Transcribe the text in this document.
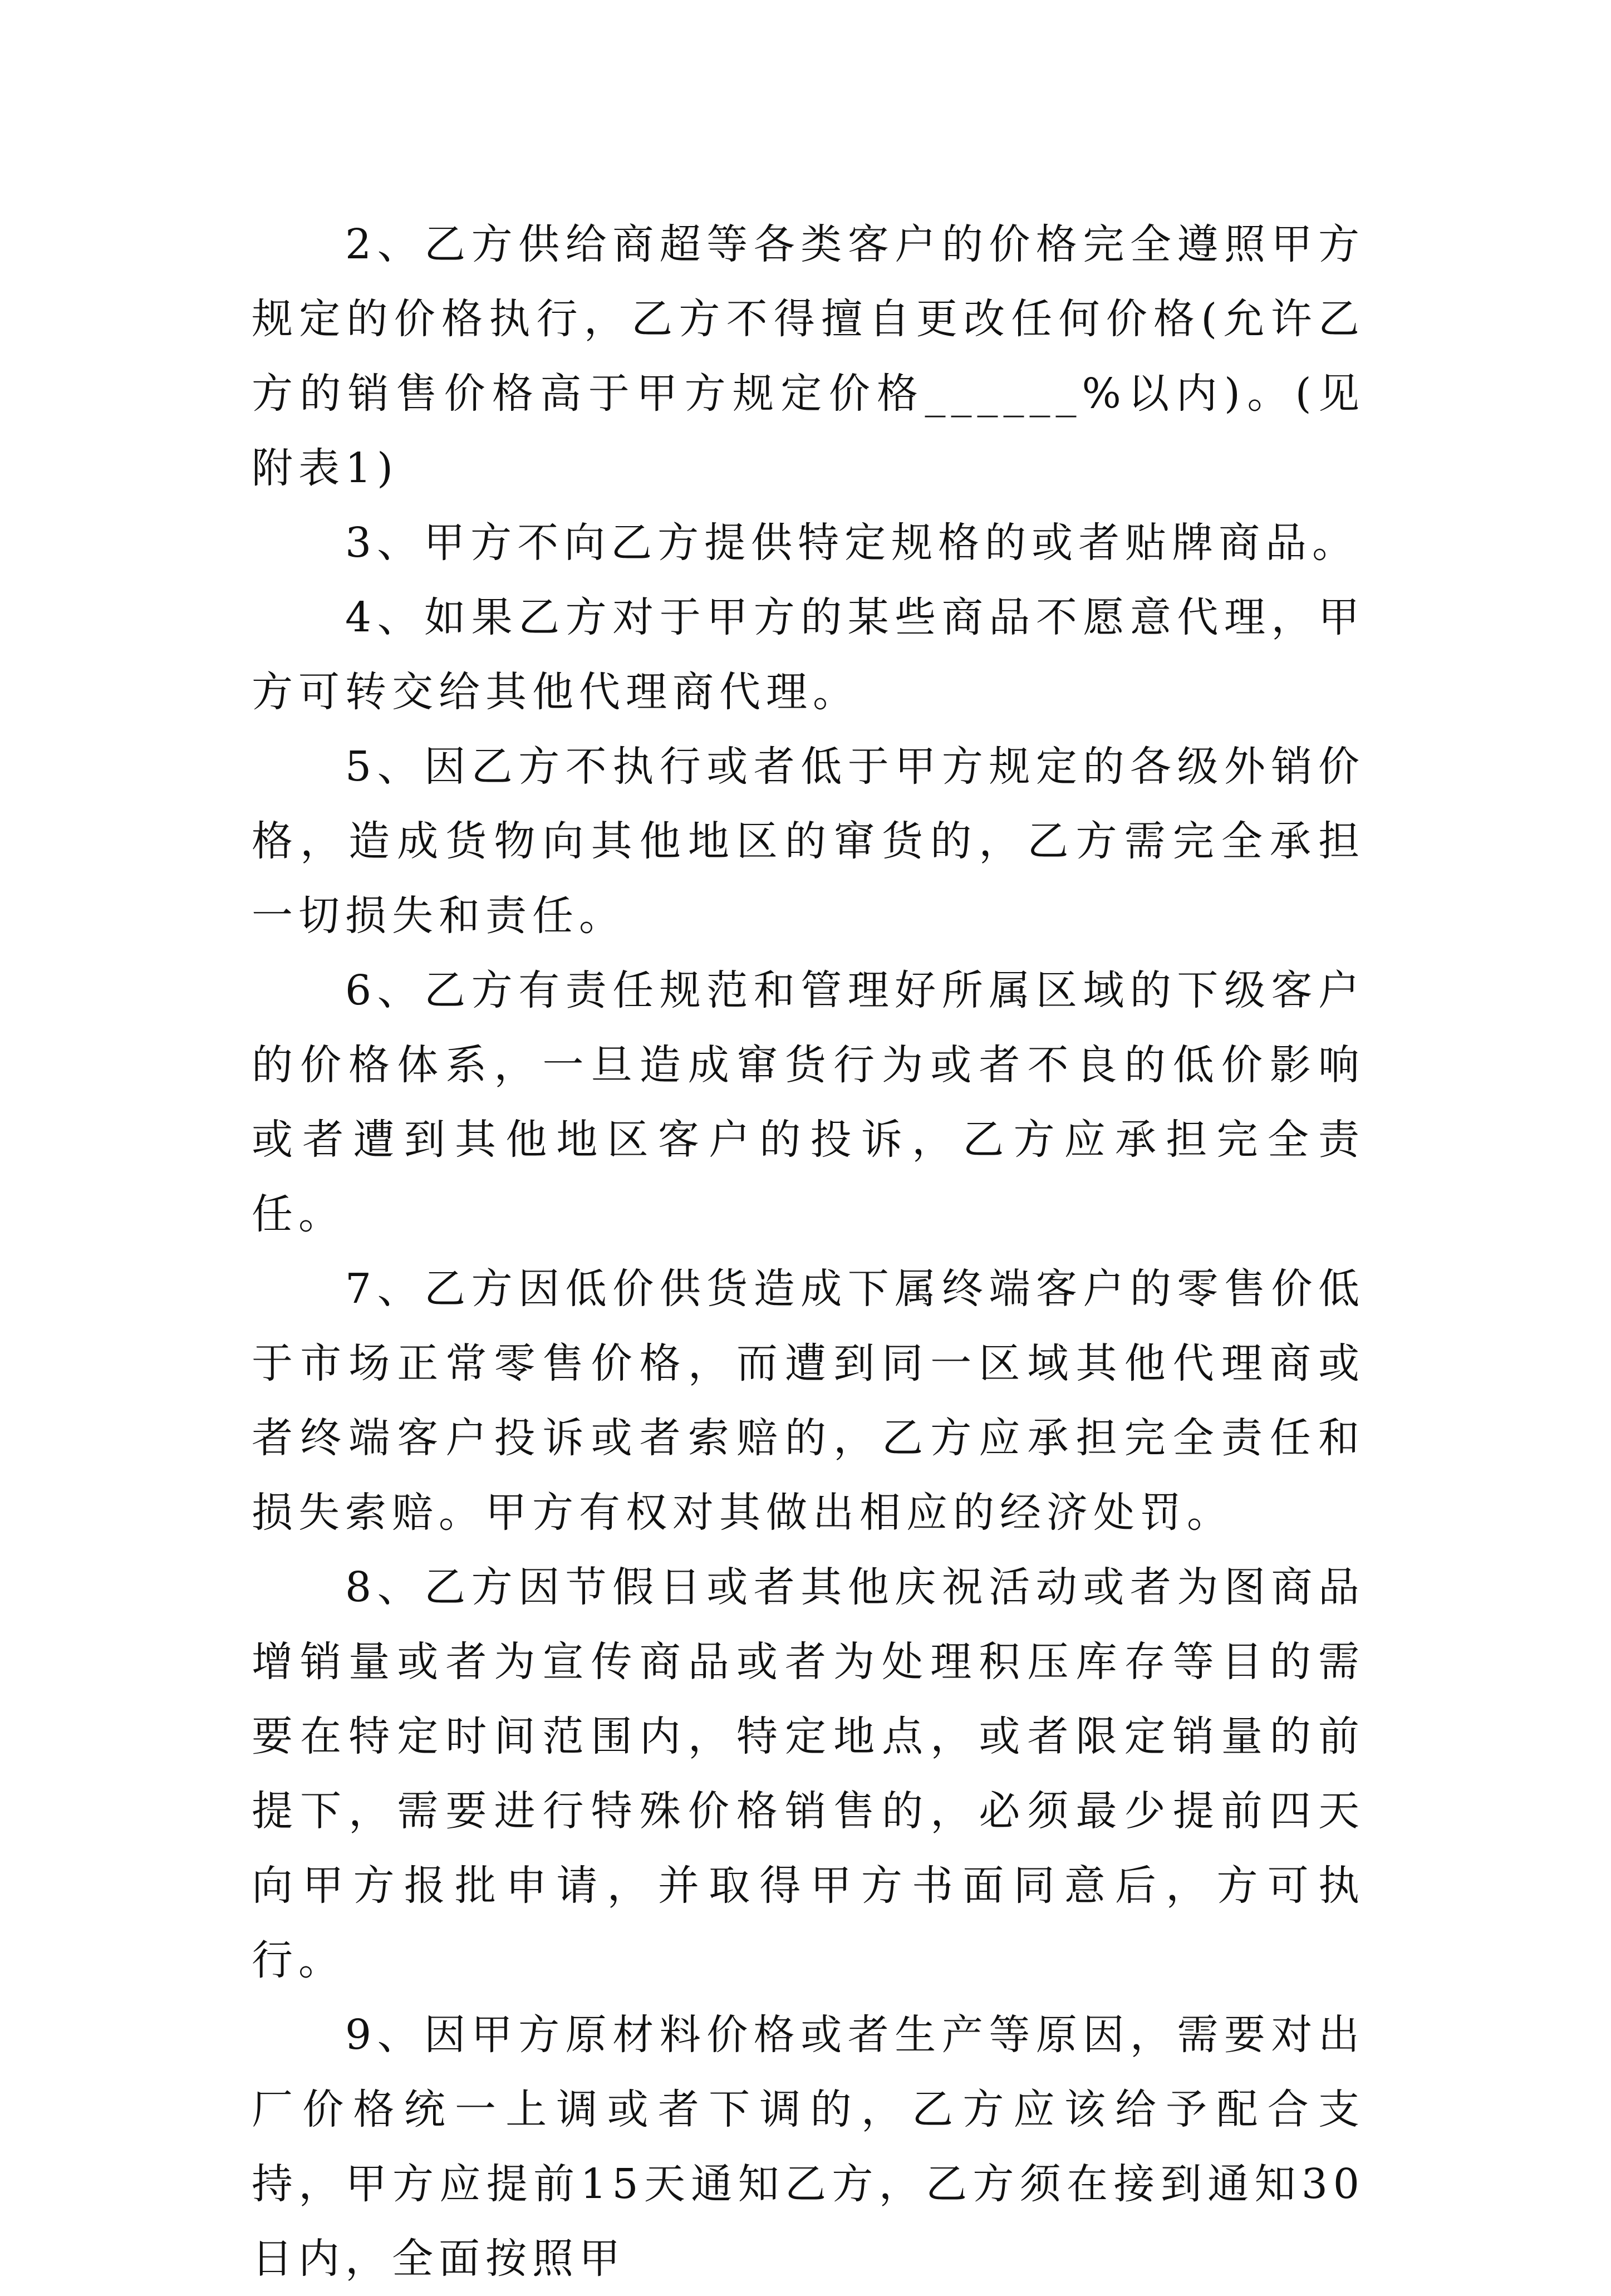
2、乙方供给商超等各类客户的价格完全遵照甲方规定的价格执行，乙方不得擅自更改任何价格(允许乙方的销售价格高于甲方规定价格______%以内)。(见附表1)

3、甲方不向乙方提供特定规格的或者贴牌商品。

4、如果乙方对于甲方的某些商品不愿意代理，甲方可转交给其他代理商代理。

5、因乙方不执行或者低于甲方规定的各级外销价格，造成货物向其他地区的窜货的，乙方需完全承担一切损失和责任。

6、乙方有责任规范和管理好所属区域的下级客户的价格体系，一旦造成窜货行为或者不良的低价影响或者遭到其他地区客户的投诉，乙方应承担完全责任。

7、乙方因低价供货造成下属终端客户的零售价低于市场正常零售价格，而遭到同一区域其他代理商或者终端客户投诉或者索赔的，乙方应承担完全责任和损失索赔。甲方有权对其做出相应的经济处罚。

8、乙方因节假日或者其他庆祝活动或者为图商品增销量或者为宣传商品或者为处理积压库存等目的需要在特定时间范围内，特定地点，或者限定销量的前提下，需要进行特殊价格销售的，必须最少提前四天向甲方报批申请，并取得甲方书面同意后，方可执行。

9、因甲方原材料价格或者生产等原因，需要对出厂价格统一上调或者下调的，乙方应该给予配合支持，甲方应提前15天通知乙方，乙方须在接到通知30日内，全面按照甲
